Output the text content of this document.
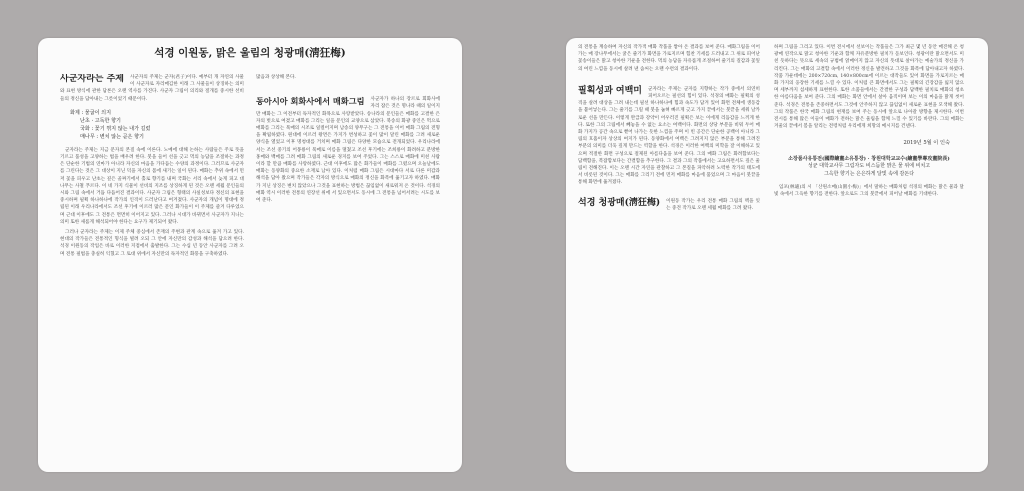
석경 이원동, 맑은 울림의 청광매(淸狂梅)
사군자라는 주제	사군자의 주제는 군자(君子)이다. 예부터 개 자연의 사물이 사군자로 자리매김한 이래 그 사물들이 상징하는 의미와 표현 방식에 관한 담론은 오랜 역사를 가진다. 사군자 그림이 의리와 절개를 중시한 선비들의 정신을 담아내는 그릇이었기 때문이다.

화제 : 물굽이 의지
난초 · 고독한 향기
국화 : 꽃기 꺾지 않는 내가 길렀
매나무 : 변치 않는 곧은 향기

군자라는 주제는 지금 문자의 본질 속에 이른다. 노예에 대해 논하는 사람들은 주로 뜻을 기르고 품성을 고양하는 법을 배우려 한다. 붓을 들어 선을 긋고 먹의 농담을 조절하는 과정은 단순한 기법의 연마가 아니라 자신의 마음을 가다듬는 수양의 과정이다. 그러므로 사군자를 그린다는 것은 그 대상이 지닌 덕을 자신의 몸에 새기는 일이 된다. 매화는 추위 속에서 먼저 꽃을 피우고 난초는 깊은 골짜기에서 홀로 향기를 내며 국화는 서리 속에서 늦게 피고 대나무는 사철 푸르다. 이 네 가지 식물이 선비의 지조를 상징하게 된 것은 오랜 세월 문인들의 시와 그림 속에서 거듭 다듬어진 결과이다. 사군자 그림은 형태의 사실성보다 정신의 표현을 중시하며 필획 하나하나에 작가의 인격이 드러난다고 여겨졌다. 사군자의 개념이 명대에 정립된 이래 우리나라에서도 조선 후기에 이르러 많은 문인 화가들이 이 주제를 즐겨 다루었으며 근대 이후에도 그 전통은 면면히 이어지고 있다. 그러나 시대가 바뀌면서 사군자가 지니는 의미 또한 새롭게 해석되어야 한다는 요구가 제기되어 왔다.

그러나 군자라는 주제는 이제 주체 중심에서 존재의 주변과 관계 속으로 옮겨 가고 있다. 현대의 작가들은 전통적인 형식을 빌려 오되 그 안에 자신만의 감성과 해석을 담으려 한다. 석경 이원동의 작업은 바로 이러한 지점에서 출발한다. 그는 수십 년 동안 사군자를 그려 오며 전통 필법을 충실히 익혔고 그 토대 위에서 자신만의 독자적인 화풍을 구축하였다.

많음과 상상해 본다.

동아시아 회화사에서 매화그림	사군자가 하나의 장르로 회화사에 자리 잡은 것은 명나라 때의 일이지만 매화는 그 이전부터 독자적인 화목으로 사랑받았다. 송나라의 문인들은 매화를 고결한 은자의 벗으로 여겼고 매화를 그리는 일을 문인의 교양으로 삼았다. 북송의 화광 중인은 먹으로 매화를 그리는 묵매의 시조로 일컬어지며 남송의 양무구는 그 전통을 이어 매화 그림의 전형을 확립하였다. 원대에 이르러 왕면은 가지가 번성하고 꽃이 많이 달린 매화를 그려 새로운 양식을 열었고 이후 명청대를 거치며 매화 그림은 다양한 모습으로 전개되었다. 우리나라에서는 조선 중기의 어몽룡이 묵매로 이름을 떨쳤고 조선 후기에는 조희룡이 화려하고 분방한 홍매와 백매를 그려 매화 그림의 새로운 경지를 보여 주었다. 그는 스스로 매화에 미친 사람이라 할 만큼 매화를 사랑하였다. 근대 이후에도 많은 화가들이 매화를 그렸으며 오늘날에도 매화는 동양화의 중요한 소재로 남아 있다. 이처럼 매화 그림은 시대마다 서로 다른 미감과 해석을 담아 왔으며 작가들은 각자의 방식으로 매화의 정신을 화폭에 옮기고자 하였다. 매화가 지닌 상징은 변치 않았으나 그것을 표현하는 방법은 끊임없이 새로워져 온 것이다. 석경의 매화 역시 이러한 전통의 연장선 위에 서 있으면서도 동시에 그 전통을 넘어서려는 시도를 보여 준다.

의 전통을 계승하여 자신의 작가적 매화 작품을 쌓아 온 결과를 보여 준다. 매화그림을 이어가는 매 장나무에서는 굵은 줄기가 화면을 가로지르며 힘찬 기세를 드러내고 그 위로 피어난 꽃송이들은 맑고 청아한 기운을 전한다. 먹의 농담을 자유롭게 조절하여 줄기의 질감과 꽃잎의 여린 느낌을 동시에 살려 낸 솜씨는 오랜 수련의 결과이다.

필획성과 여백미	군자라는 주제는 군자를 지향하는 작가 중에서 의연히 피어오르는 필선의 힘이 있다. 석경의 매화는 필획의 성격을 살려 대상을 그려 내는데 필선 하나하나에 힘과 속도가 담겨 있어 화면 전체에 생동감을 불어넣는다. 그는 줄기를 그릴 때 붓을 눕혀 빠르게 긋고 가지 끝에서는 붓끝을 세워 날카로운 선을 만든다. 이렇게 완급과 강약이 어우러진 필획은 보는 이에게 리듬감을 느끼게 한다. 또한 그의 그림에서 빼놓을 수 없는 요소는 여백이다. 화면의 상당 부분을 비워 두어 매화 가지가 공간 속으로 뻗어 나가는 듯한 느낌을 주며 이 빈 공간은 단순한 공백이 아니라 그림의 호흡이자 상상의 여지가 된다. 동양화에서 여백은 그려지지 않은 부분을 통해 그려진 부분의 의미를 더욱 깊게 만드는 역할을 한다. 석경은 이러한 여백의 미학을 잘 이해하고 있으며 적절한 화면 구성으로 절제된 아름다움을 보여 준다. 그의 매화 그림은 화려함보다는 담백함을, 복잡함보다는 간결함을 추구한다. 그 결과 그의 작품에서는 고요하면서도 깊은 울림이 전해진다. 이는 오랜 시간 자연을 관찰하고 그 본질을 파악하려 노력한 작가의 태도에서 비롯된 것이다. 그는 매화를 그리기 전에 먼저 매화를 마음에 품었으며 그 마음이 붓끝을 통해 화면에 옮겨졌다.

석경 청광매(淸狂梅)	이원동 작가는 우리 전통 매화 그림의 맥을 잇는 중견 작가로 오랜 세월 매화를 그려 왔다.

하며 그림을 그리고 있다. 이번 전시에서 선보이는 작품들은 그가 최근 몇 년 동안 매진해 온 청광매 연작으로 맑고 청아한 기운과 함께 자유분방한 필치가 돋보인다. 청광이란 맑으면서도 미친 듯하다는 뜻으로 세속의 규범에 얽매이지 않고 자신의 뜻대로 살아가는 예술가의 정신을 가리킨다. 그는 매화의 고결함 속에서 이러한 정신을 발견하고 그것을 화폭에 담아내고자 하였다. 작품 가운데에는 200×720cm, 140×800cm에 이르는 대작들도 있어 화면을 가로지르는 매화 가지의 웅장한 기세를 느낄 수 있다. 이처럼 큰 화면에서도 그는 필획의 긴장감을 잃지 않으며 세부까지 섬세하게 표현한다. 또한 소품들에서는 간결한 구성과 담백한 필치로 매화의 청초한 아름다움을 보여 준다. 그의 매화는 화면 안에서 살아 움직이며 보는 이의 마음을 맑게 씻어 준다. 석경은 전통을 존중하면서도 그것에 안주하지 않고 끊임없이 새로운 표현을 모색해 왔다. 그의 작품은 한국 매화 그림의 현재를 보여 주는 동시에 앞으로 나아갈 방향을 제시한다. 이번 전시를 통해 많은 이들이 매화가 전하는 맑은 울림을 함께 느낄 수 있기를 바란다. 그의 매화는 겨울의 끝에서 봄을 알리는 전령처럼 우리에게 희망의 메시지를 건넨다.

2019년 5월 이 인숙
소장품사유통전(國際繪畫소유통장) · 창원대학교교수(繪畫學專攻畫院長)
성균 대학교사무 그림자도 비스듬한 맑은 물 위에 비치고
그윽한 향기는 은은하게 달빛 속에 감돈다

임포(林逋)의 시 「산원소매(山園小梅)」에서 말하는 매화처럼 석경의 매화는 맑은 물과 달빛 속에서 그윽한 향기를 전한다. 앞으로도 그의 붓끝에서 피어날 매화를 기대한다.
